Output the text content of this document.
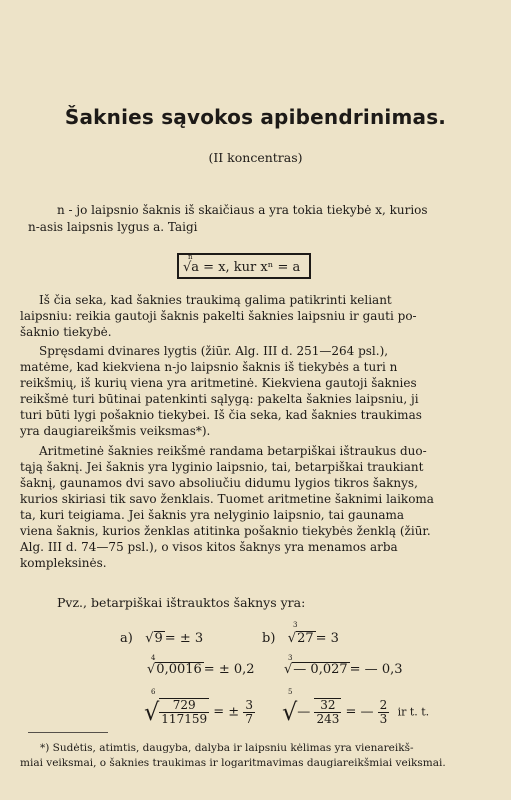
Šaknies sąvokos apibendrinimas.
(II koncentras)
n - jo laipsnio šaknis iš skaičiaus a yra tokia tiekybė x, kurios
n-asis laipsnis lygus a. Taigi
n
√a = x, kur xⁿ = a
Iš čia seka, kad šaknies traukimą galima patikrinti keliant
laipsniu: reikia gautoji šaknis pakelti šaknies laipsniu ir gauti po-
šaknio tiekybė.
Spręsdami dvinares lygtis (žiūr. Alg. III d. 251—264 psl.),
matėme, kad kiekviena n-jo laipsnio šaknis iš tiekybės a turi n
reikšmių, iš kurių viena yra aritmetinė. Kiekviena gautoji šaknies
reikšmė turi būtinai patenkinti sąlygą: pakelta šaknies laipsniu, ji
turi būti lygi pošaknio tiekybei. Iš čia seka, kad šaknies traukimas
yra daugiareikšmis veiksmas*).
Aritmetinė šaknies reikšmė randama betarpiškai ištraukus duo-
tąją šaknį. Jei šaknis yra lyginio laipsnio, tai, betarpiškai traukiant
šaknį, gaunamos dvi savo absoliučiu didumu lygios tikros šaknys,
kurios skiriasi tik savo ženklais. Tuomet aritmetine šaknimi laikoma
ta, kuri teigiama. Jei šaknis yra nelyginio laipsnio, tai gaunama
viena šaknis, kurios ženklas atitinka pošaknio tiekybės ženklą (žiūr.
Alg. III d. 74—75 psl.), o visos kitos šaknys yra menamos arba
kompleksinės.
Pvz., betarpiškai ištrauktos šaknys yra:
a)   √9 = ± 3	b)   √27 = 3
3
4
√0,0016 = ± 0,2
3
√— 0,027 = — 0,3
6
√ $\frac{729}{117159}$ = ± $\frac{3}{7}$
5
√— $\frac{32}{243}$ = — $\frac{2}{3}$ ir t. t.
*) Sudėtis, atimtis, daugyba, dalyba ir laipsniu kėlimas yra vienareikš-
miai veiksmai, o šaknies traukimas ir logaritmavimas daugiareikšmiai veiksmai.
